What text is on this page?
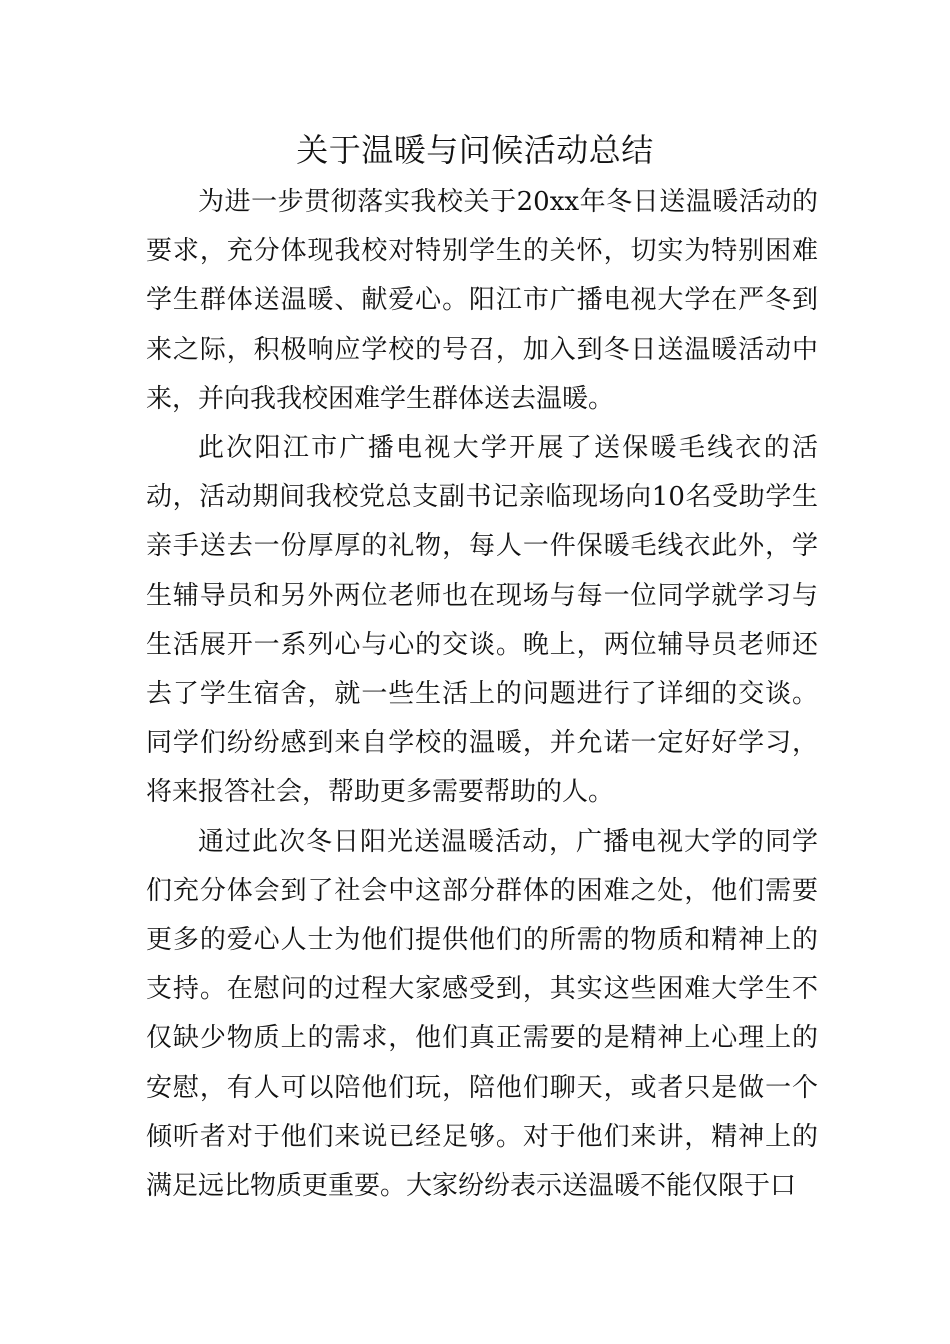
关于温暖与问候活动总结

为进一步贯彻落实我校关于20xx年冬日送温暖活动的要求，充分体现我校对特别学生的关怀，切实为特别困难学生群体送温暖、献爱心。阳江市广播电视大学在严冬到来之际，积极响应学校的号召，加入到冬日送温暖活动中来，并向我我校困难学生群体送去温暖。

此次阳江市广播电视大学开展了送保暖毛线衣的活动，活动期间我校党总支副书记亲临现场向10名受助学生亲手送去一份厚厚的礼物，每人一件保暖毛线衣此外，学生辅导员和另外两位老师也在现场与每一位同学就学习与生活展开一系列心与心的交谈。晚上，两位辅导员老师还去了学生宿舍，就一些生活上的问题进行了详细的交谈。同学们纷纷感到来自学校的温暖，并允诺一定好好学习，将来报答社会，帮助更多需要帮助的人。

通过此次冬日阳光送温暖活动，广播电视大学的同学们充分体会到了社会中这部分群体的困难之处，他们需要更多的爱心人士为他们提供他们的所需的物质和精神上的支持。在慰问的过程大家感受到，其实这些困难大学生不仅缺少物质上的需求，他们真正需要的是精神上心理上的安慰，有人可以陪他们玩，陪他们聊天，或者只是做一个倾听者对于他们来说已经足够。对于他们来讲，精神上的满足远比物质更重要。大家纷纷表示送温暖不能仅限于口
